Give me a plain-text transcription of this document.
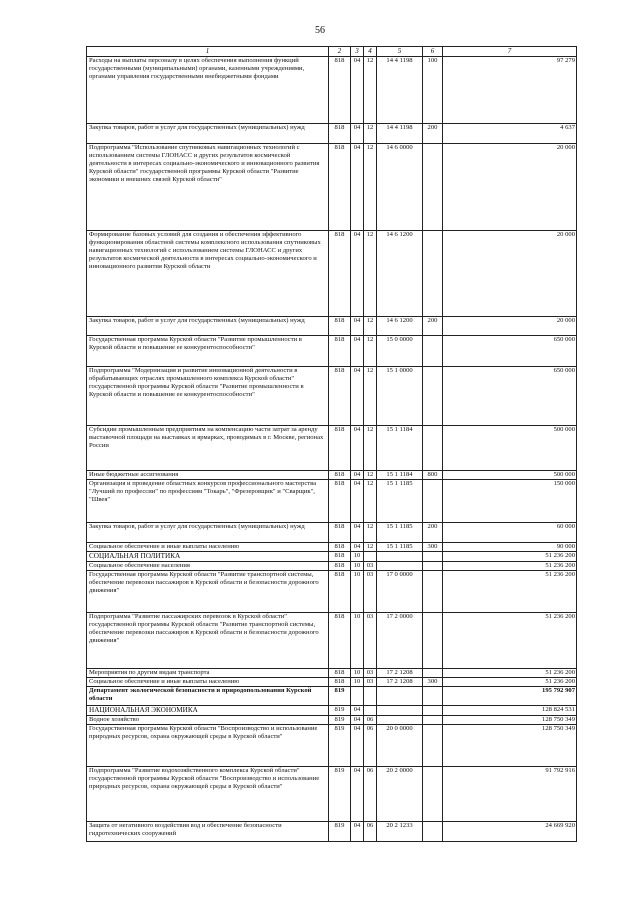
56
1	2	3	4	5	6	7
Расходы на выплаты персоналу в целях обеспечения выполнения функций государственными (муниципальными) органами, казенными учреждениями, органами управления государственными внебюджетными фондами	818	04	12	14 4 1198	100	97 279
Закупка товаров, работ и услуг для государственных (муниципальных) нужд	818	04	12	14 4 1198	200	4 637
Подпрограмма "Использование спутниковых навигационных технологий с использованием системы ГЛОНАСС и других результатов космической деятельности в интересах социально-экономического и инновационного развития Курской области" государственной программы Курской области "Развитие экономики и внешних связей Курской области"	818	04	12	14 6 0000		20 000
Формирование базовых условий для создания и обеспечения эффективного функционирования областной системы комплексного использования спутниковых навигационных технологий с использованием системы ГЛОНАСС и других результатов космической деятельности в интересах социально-экономического и инновационного развития Курской области	818	04	12	14 6 1200		20 000
Закупка товаров, работ и услуг для государственных (муниципальных) нужд	818	04	12	14 6 1200	200	20 000
Государственная программа Курской области "Развитие промышленности в Курской области и повышение ее конкурентоспособности"	818	04	12	15 0 0000		650 000
Подпрограмма "Модернизация и развитие инновационной деятельности в обрабатывающих отраслях промышленного комплекса Курской области" государственной программы Курской области "Развитие промышленности в Курской области и повышение ее конкурентоспособности"	818	04	12	15 1 0000		650 000
Субсидии промышленным предприятиям на компенсацию части затрат за аренду выставочной площади на выставках и ярмарках, проводимых в г. Москве, регионах России	818	04	12	15 1 1184		500 000
Иные бюджетные ассигнования	818	04	12	15 1 1184	800	500 000
Организация и проведение областных конкурсов профессионального мастерства "Лучший по профессии" по профессиям "Токарь", "Фрезеровщик" и "Сварщик", "Швея"	818	04	12	15 1 1185		150 000
Закупка товаров, работ и услуг для государственных (муниципальных) нужд	818	04	12	15 1 1185	200	60 000
Социальное обеспечение и иные выплаты населению	818	04	12	15 1 1185	300	90 000
СОЦИАЛЬНАЯ ПОЛИТИКА	818	10				51 236 200
Социальное обеспечение населения	818	10	03			51 236 200
Государственная программа Курской области "Развитие транспортной системы, обеспечение перевозки пассажиров в Курской области и безопасности дорожного движения"	818	10	03	17 0 0000		51 236 200
Подпрограмма "Развитие пассажирских перевозок в Курской области" государственной программы Курской области "Развитие транспортной системы, обеспечение перевозки пассажиров в Курской области и безопасности дорожного движения"	818	10	03	17 2 0000		51 236 200
Мероприятия по другим видам транспорта	818	10	03	17 2 1208		51 236 200
Социальное обеспечение и иные выплаты населению	818	10	03	17 2 1208	300	51 236 200
Департамент экологической безопасности и природопользования Курской области	819					195 792 907
НАЦИОНАЛЬНАЯ ЭКОНОМИКА	819	04				128 824 531
Водное хозяйство	819	04	06			128 750 349
Государственная программа Курской области "Воспроизводство и использование природных ресурсов, охрана окружающей среды в Курской области"	819	04	06	20 0 0000		128 750 349
Подпрограмма "Развитие водохозяйственного комплекса Курской области" государственной программы Курской области "Воспроизводство и использование природных ресурсов, охрана окружающей среды в Курской области"	819	04	06	20 2 0000		91 792 916
Защита от негативного воздействия вод и обеспечение безопасности гидротехнических сооружений	819	04	06	20 2 1233		24 669 920
